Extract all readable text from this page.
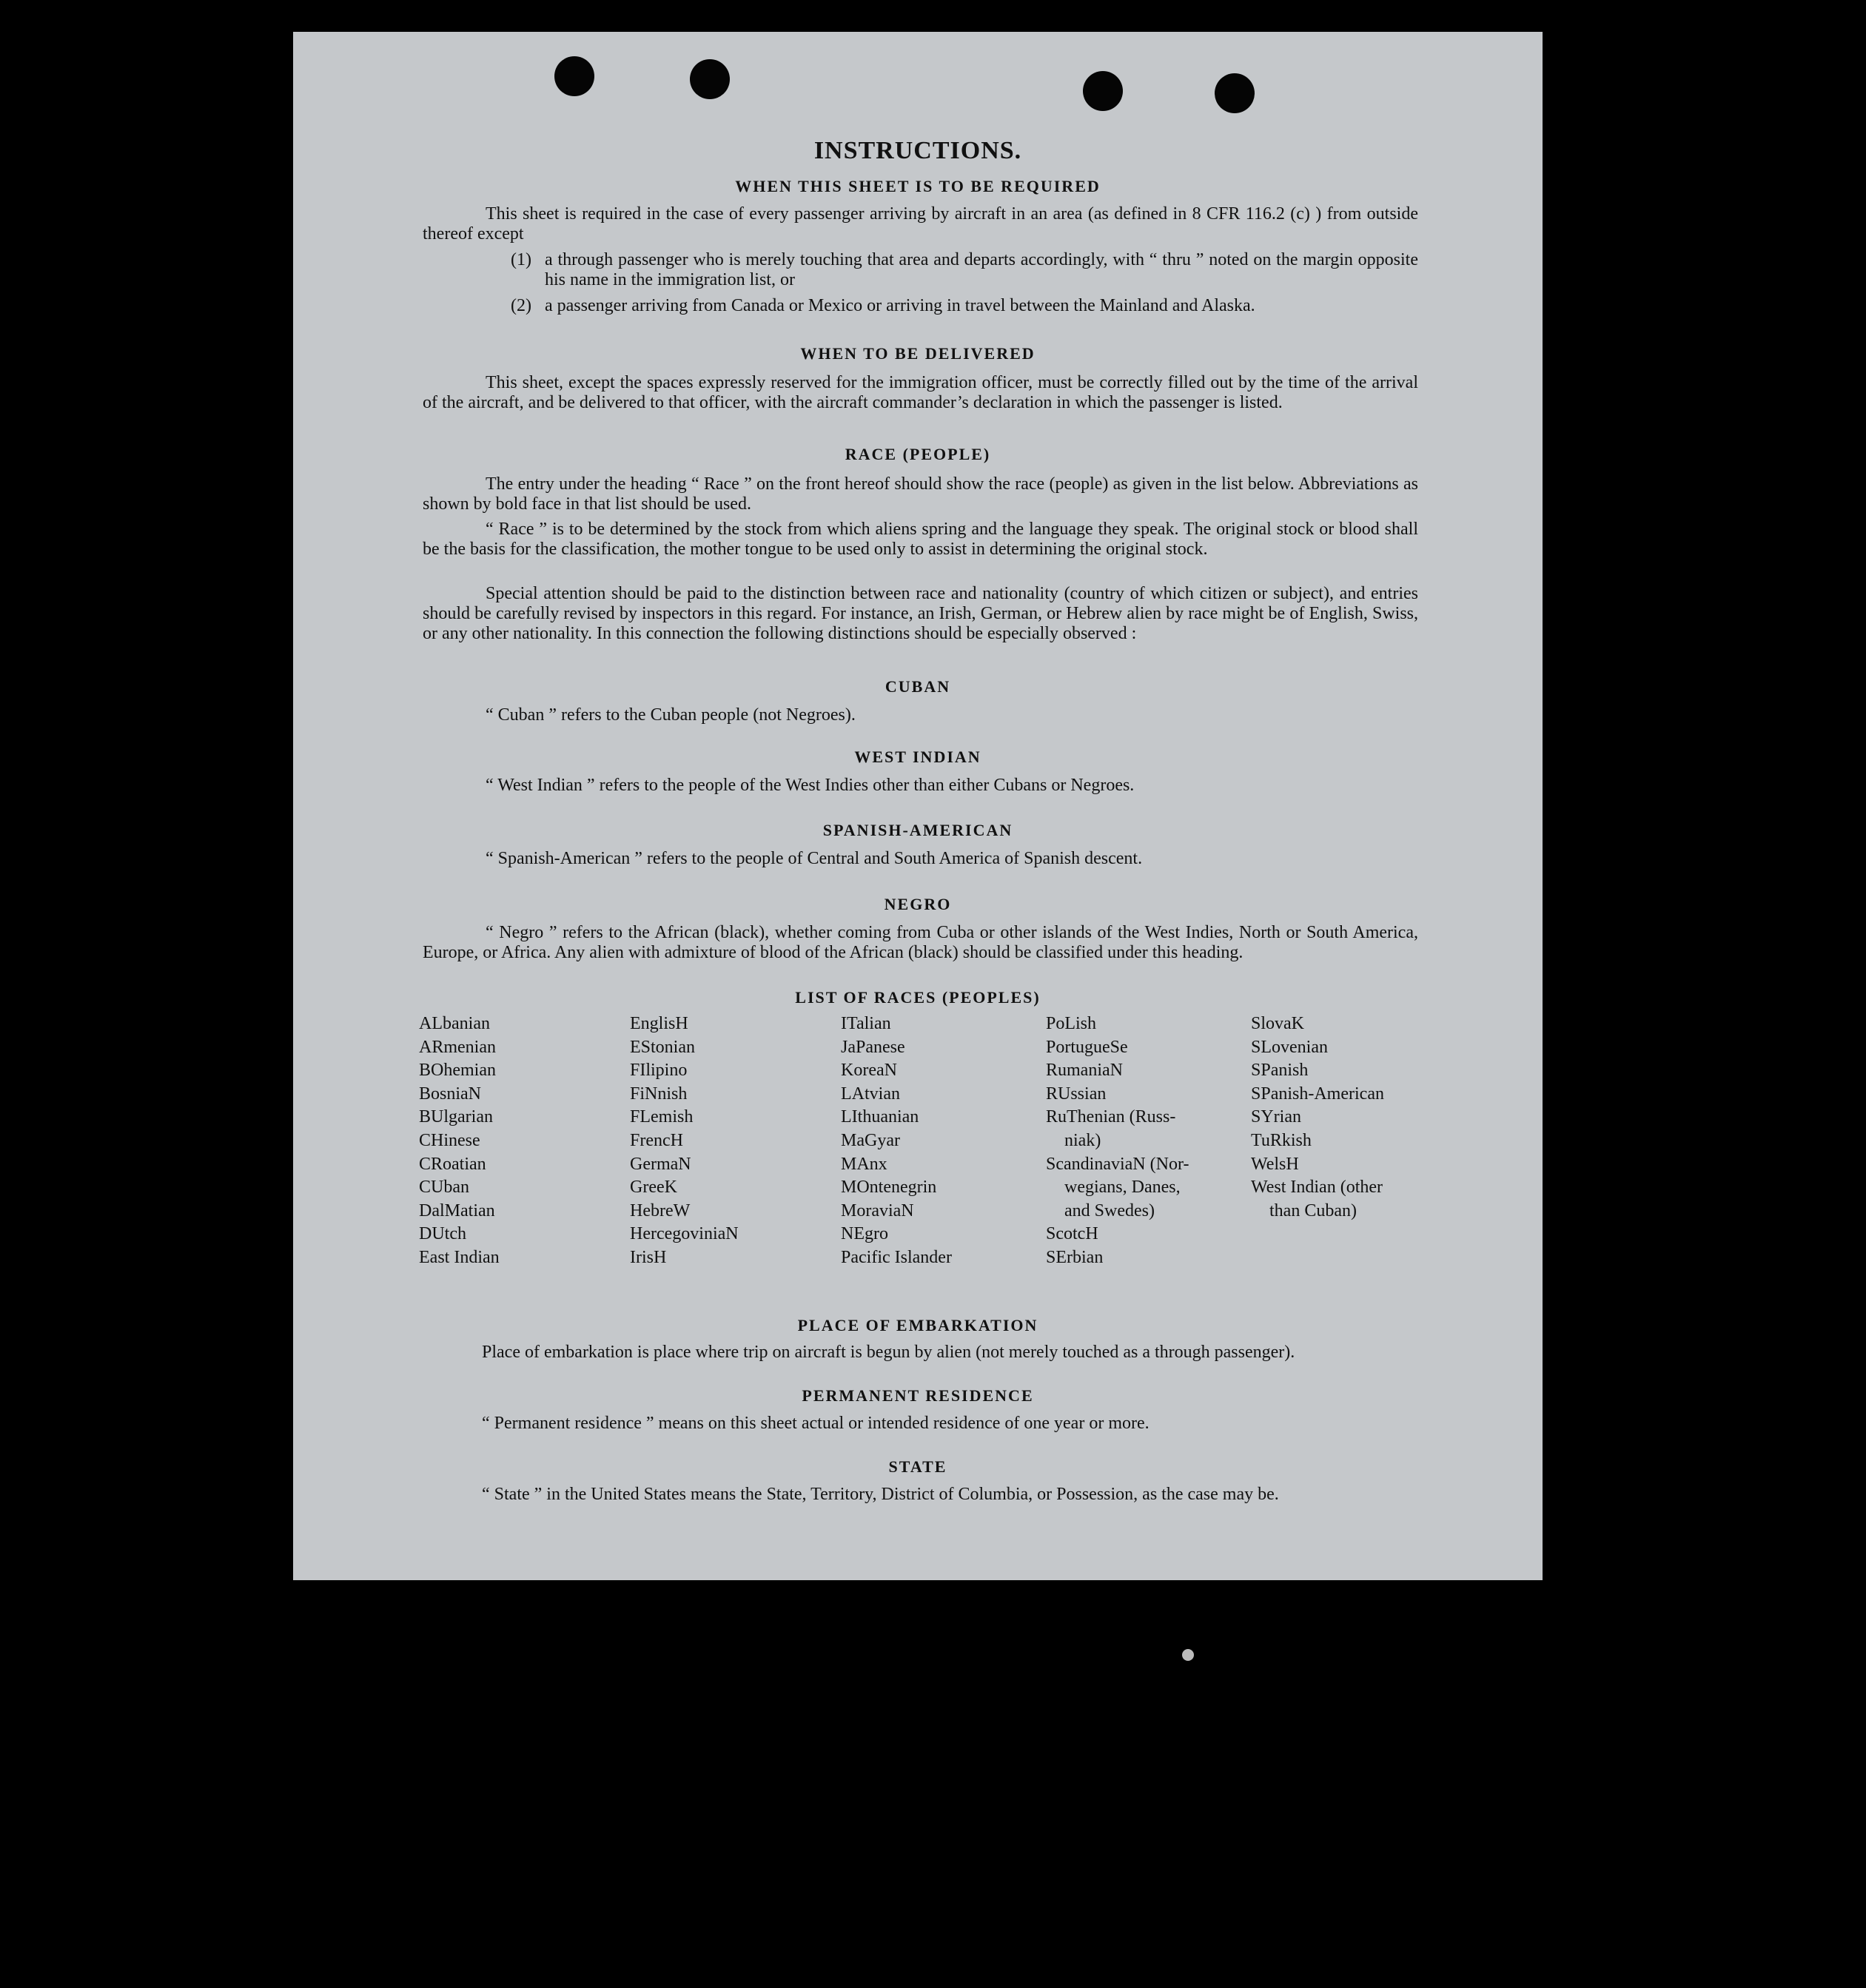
INSTRUCTIONS.
WHEN THIS SHEET IS TO BE REQUIRED
This sheet is required in the case of every passenger arriving by aircraft in an area (as defined in 8 CFR 116.2 (c) ) from outside thereof except
(1) a through passenger who is merely touching that area and departs accordingly, with “ thru ” noted on the margin opposite his name in the immigration list, or
(2) a passenger arriving from Canada or Mexico or arriving in travel between the Mainland and Alaska.
WHEN TO BE DELIVERED
This sheet, except the spaces expressly reserved for the immigration officer, must be correctly filled out by the time of the arrival of the aircraft, and be delivered to that officer, with the aircraft commander’s declaration in which the passenger is listed.
RACE (PEOPLE)
The entry under the heading “ Race ” on the front hereof should show the race (people) as given in the list below. Abbreviations as shown by bold face in that list should be used.
“ Race ” is to be determined by the stock from which aliens spring and the language they speak. The original stock or blood shall be the basis for the classification, the mother tongue to be used only to assist in determining the original stock.
Special attention should be paid to the distinction between race and nationality (country of which citizen or subject), and entries should be carefully revised by inspectors in this regard. For instance, an Irish, German, or Hebrew alien by race might be of English, Swiss, or any other nationality. In this connection the following distinctions should be especially observed :
CUBAN
“ Cuban ” refers to the Cuban people (not Negroes).
WEST INDIAN
“ West Indian ” refers to the people of the West Indies other than either Cubans or Negroes.
SPANISH-AMERICAN
“ Spanish-American ” refers to the people of Central and South America of Spanish descent.
NEGRO
“ Negro ” refers to the African (black), whether coming from Cuba or other islands of the West Indies, North or South America, Europe, or Africa. Any alien with admixture of blood of the African (black) should be classified under this heading.
LIST OF RACES (PEOPLES)
ALbanian
ARmenian
BOhemian
BosniaN
BUlgarian
CHinese
CRoatian
CUban
DalMatian
DUtch
East Indian
EnglisH
EStonian
FIlipino
FiNnish
FLemish
FrencH
GermaN
GreeK
HebreW
HercegoviniaN
IrisH
ITalian
JaPanese
KoreaN
LAtvian
LIthuanian
MaGyar
MAnx
MOntenegrin
MoraviaN
NEgro
Pacific Islander
PoLish
PortugueSe
RumaniaN
RUssian
RuThenian (Russ-
niak)
ScandinaviaN (Nor-
wegians, Danes,
and Swedes)
ScotcH
SErbian
SlovaK
SLovenian
SPanish
SPanish-American
SYrian
TuRkish
WelsH
West Indian (other
than Cuban)
PLACE OF EMBARKATION
Place of embarkation is place where trip on aircraft is begun by alien (not merely touched as a through passenger).
PERMANENT RESIDENCE
“ Permanent residence ” means on this sheet actual or intended residence of one year or more.
STATE
“ State ” in the United States means the State, Territory, District of Columbia, or Possession, as the case may be.
